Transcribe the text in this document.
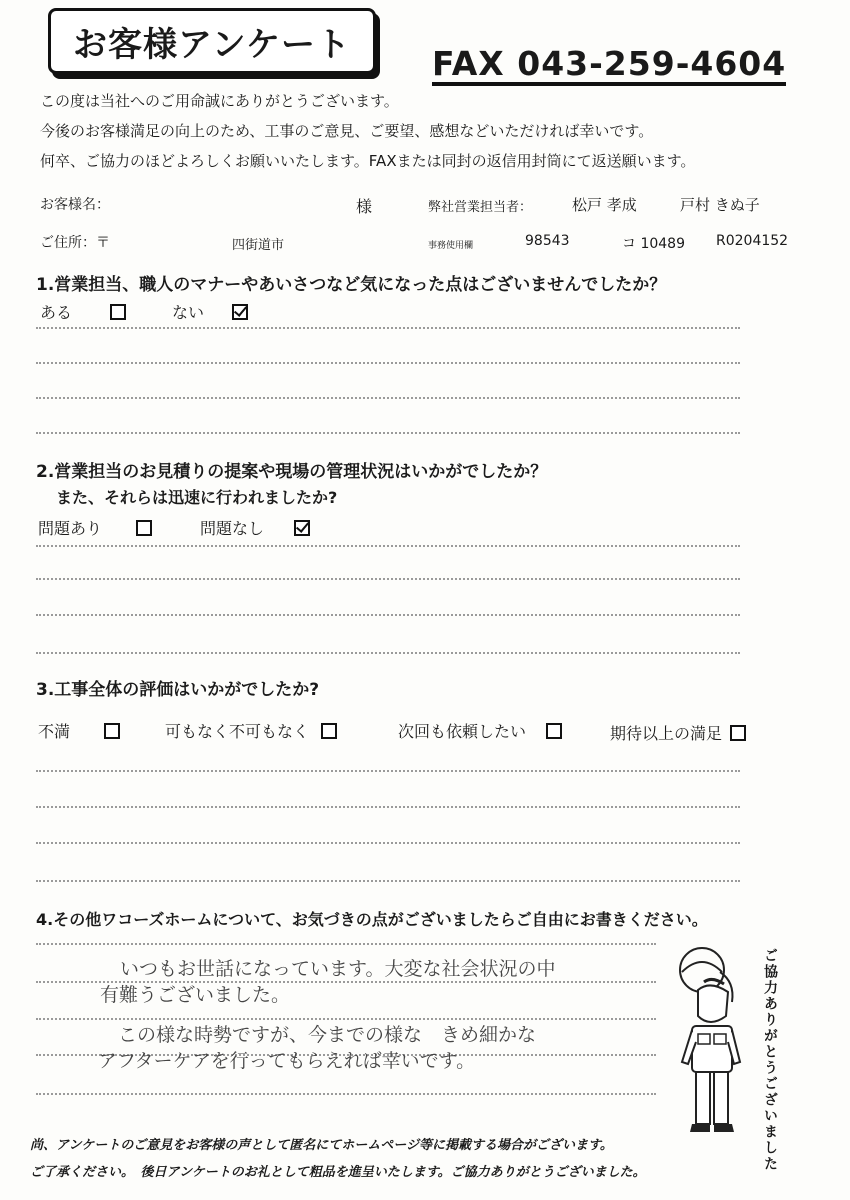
お客様アンケート FAX 043-259-4604
この度は当社へのご用命誠にありがとうございます。
今後のお客様満足の向上のため、工事のご意見、ご要望、感想などいただければ幸いです。
何卒、ご協力のほどよろしくお願いいたします。FAXまたは同封の返信用封筒にて返送願います。
お客様名：	様	弊社営業担当者：	松戸 孝成	戸村 きぬ子
ご住所：〒	四街道市	事務使用欄	98543	コ 10489 R0204152
1.営業担当、職人のマナーやあいさつなど気になった点はございませんでしたか？
ある	ない
2.営業担当のお見積りの提案や現場の管理状況はいかがでしたか？
また、それらは迅速に行われましたか?
問題あり	問題なし
3.工事全体の評価はいかがでしたか?
不満	可もなく不可もなく	次回も依頼したい	期待以上の満足
4.その他ワコーズホームについて、お気づきの点がございましたらご自由にお書きください。
いつもお世話になっています。大変な社会状況の中
有難うございました。
この様な時勢ですが、今までの様な　きめ細かな
アフターケアを行ってもらえれば幸いです。	ご協力ありがとうございました
尚、アンケートのご意見をお客様の声として匿名にてホームページ等に掲載する場合がございます。
ご了承ください。　後日アンケートのお礼として粗品を進呈いたします。ご協力ありがとうございました。
